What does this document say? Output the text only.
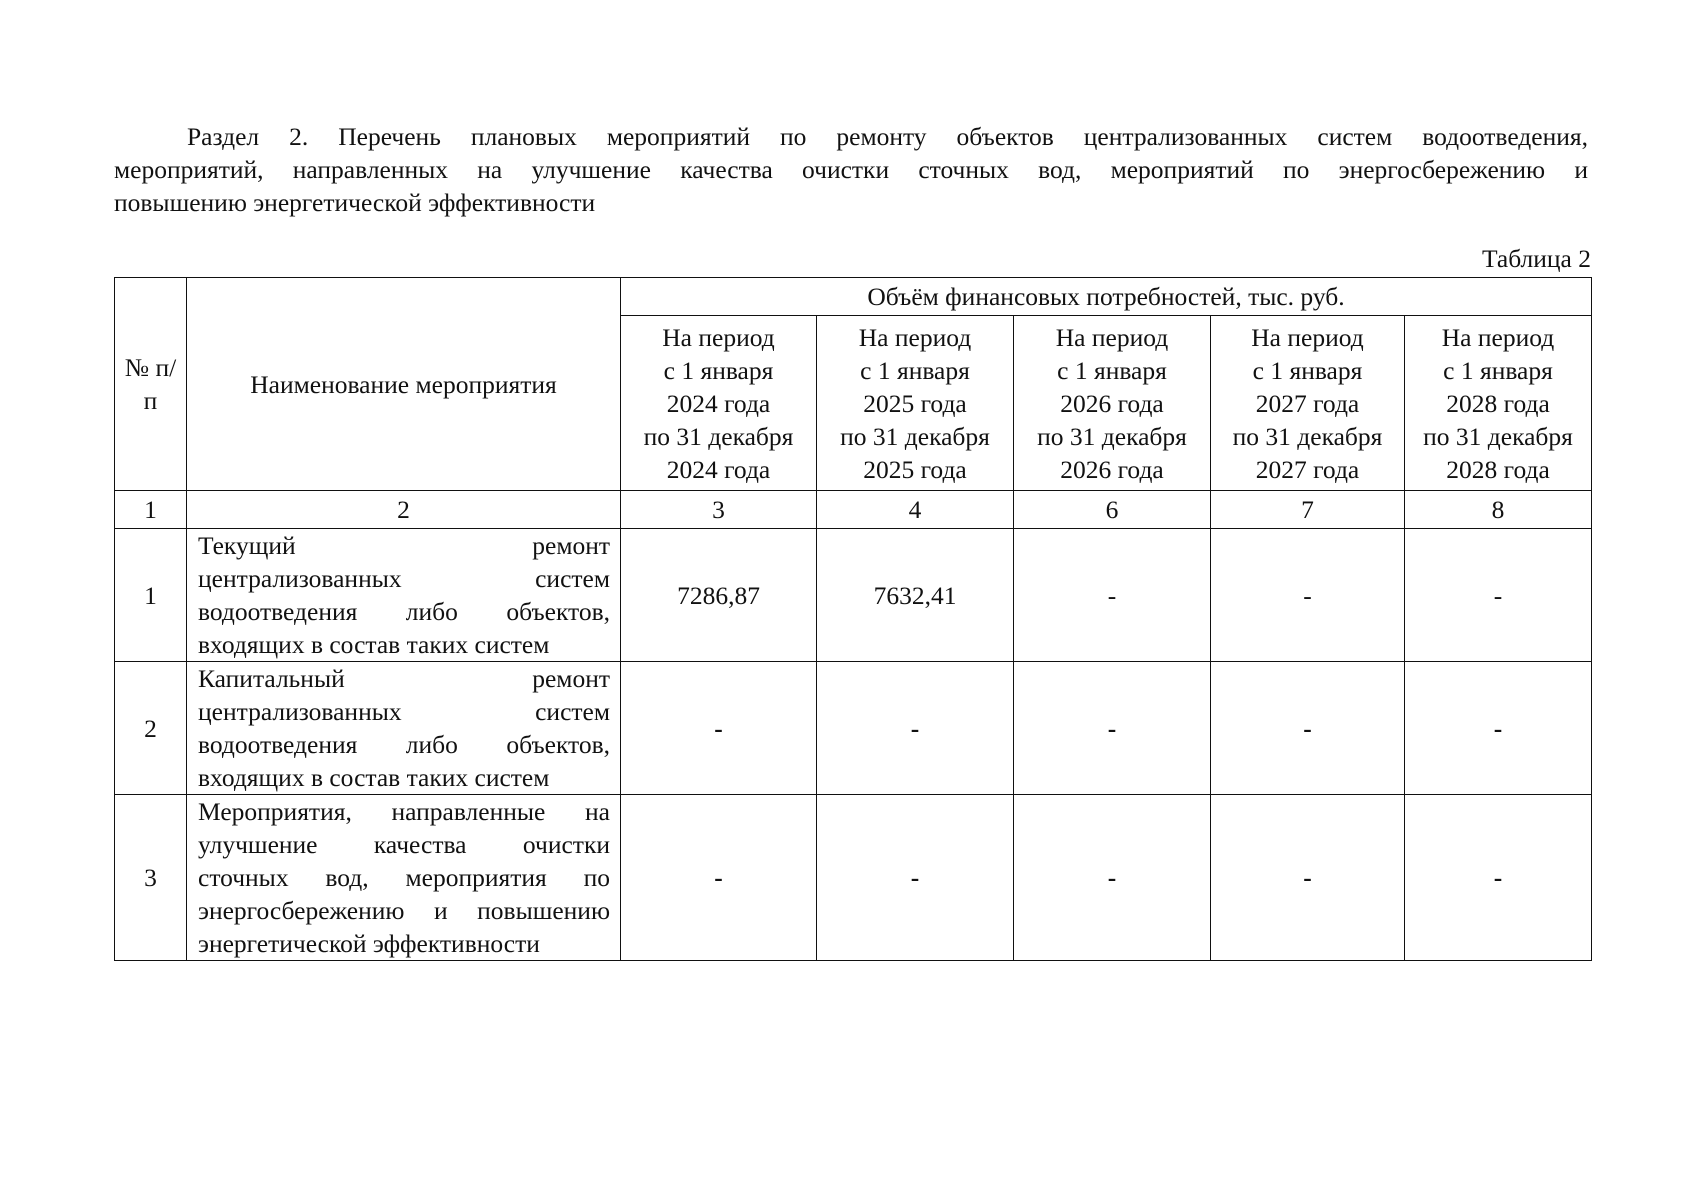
Раздел 2. Перечень плановых мероприятий по ремонту объектов централизованных систем водоотведения,
мероприятий, направленных на улучшение качества очистки сточных вод, мероприятий по энергосбережению и
повышению энергетической эффективности
Таблица 2
№ п/п	Наименование мероприятия	Объём финансовых потребностей, тыс. руб.				

		На период
с 1 января
2024 года
по 31 декабря
2024 года	На период
с 1 января
2025 года
по 31 декабря
2025 года	На период
с 1 января
2026 года
по 31 декабря
2026 года	На период
с 1 января
2027 года
по 31 декабря
2027 года	На период
с 1 января
2028 года
по 31 декабря
2028 года

1	2	3	4	6	7	8
1	Текущий ремонт
централизованных систем
водоотведения либо объектов,
входящих в состав таких систем	7286,87	7632,41	-	-	-
2	Капитальный ремонт
централизованных систем
водоотведения либо объектов,
входящих в состав таких систем	-	-	-	-	-
3	Мероприятия, направленные на
улучшение качества очистки
сточных вод, мероприятия по
энергосбережению и повышению
энергетической эффективности	-	-	-	-	-
